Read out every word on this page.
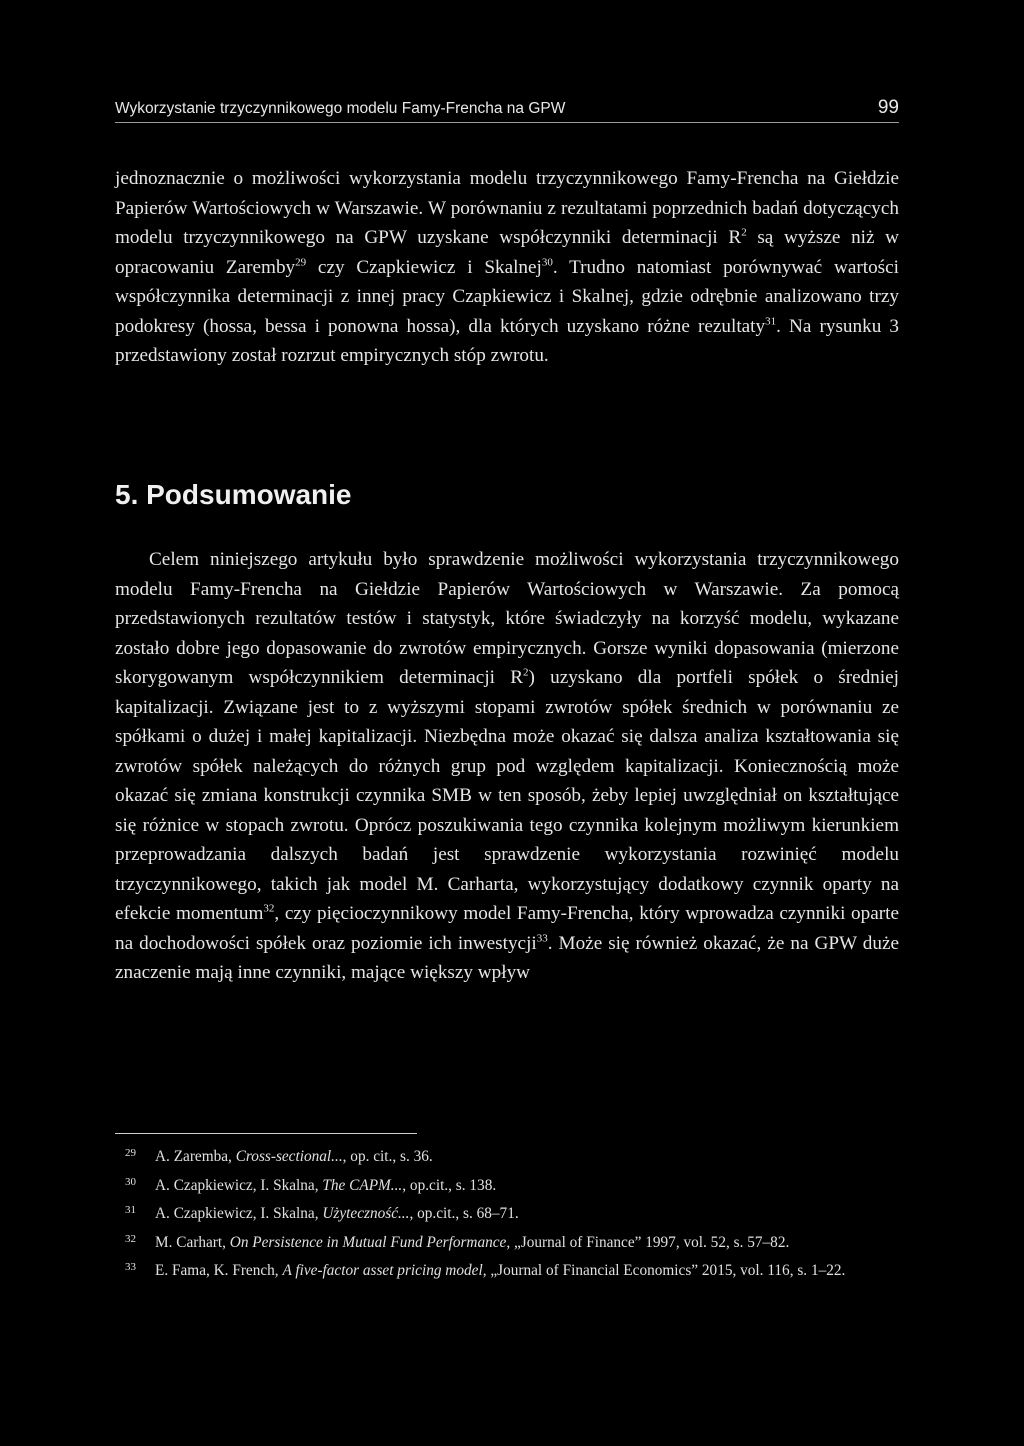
Wykorzystanie trzyczynnikowego modelu Famy-Frencha na GPW	99

jednoznacznie o możliwości wykorzystania modelu trzyczynnikowego Famy-Frencha na Giełdzie Papierów Wartościowych w Warszawie. W porównaniu z rezultatami poprzednich badań dotyczących modelu trzyczynnikowego na GPW uzyskane współczynniki determinacji $R^2$ są wyższe niż w opracowaniu Zaremby$^{29}$ czy Czapkiewicz i Skalnej$^{30}$. Trudno natomiast porównywać wartości współczynnika determinacji z innej pracy Czapkiewicz i Skalnej, gdzie odrębnie analizowano trzy podokresy (hossa, bessa i ponowna hossa), dla których uzyskano różne rezultaty$^{31}$. Na rysunku 3 przedstawiony został rozrzut empirycznych stóp zwrotu.

5. Podsumowanie

Celem niniejszego artykułu było sprawdzenie możliwości wykorzystania trzyczynnikowego modelu Famy-Frencha na Giełdzie Papierów Wartościowych w Warszawie. Za pomocą przedstawionych rezultatów testów i statystyk, które świadczyły na korzyść modelu, wykazane zostało dobre jego dopasowanie do zwrotów empirycznych. Gorsze wyniki dopasowania (mierzone skorygowanym współczynnikiem determinacji $R^2$) uzyskano dla portfeli spółek o średniej kapitalizacji. Związane jest to z wyższymi stopami zwrotów spółek średnich w porównaniu ze spółkami o dużej i małej kapitalizacji. Niezbędna może okazać się dalsza analiza kształtowania się zwrotów spółek należących do różnych grup pod względem kapitalizacji. Koniecznością może okazać się zmiana konstrukcji czynnika SMB w ten sposób, żeby lepiej uwzględniał on kształtujące się różnice w stopach zwrotu. Oprócz poszukiwania tego czynnika kolejnym możliwym kierunkiem przeprowadzania dalszych badań jest sprawdzenie wykorzystania rozwinięć modelu trzyczynnikowego, takich jak model M. Carharta, wykorzystujący dodatkowy czynnik oparty na efekcie momentum$^{32}$, czy pięcioczynnikowy model Famy-Frencha, który wprowadza czynniki oparte na dochodowości spółek oraz poziomie ich inwestycji$^{33}$. Może się również okazać, że na GPW duże znaczenie mają inne czynniki, mające większy wpływ

29 A. Zaremba, Cross-sectional..., op. cit., s. 36.

30 A. Czapkiewicz, I. Skalna, The CAPM..., op.cit., s. 138.

31 A. Czapkiewicz, I. Skalna, Użyteczność..., op.cit., s. 68–71.

32 M. Carhart, On Persistence in Mutual Fund Performance, „Journal of Finance” 1997, vol. 52, s. 57–82.

33 E. Fama, K. French, A five-factor asset pricing model, „Journal of Financial Economics” 2015, vol. 116, s. 1–22.
